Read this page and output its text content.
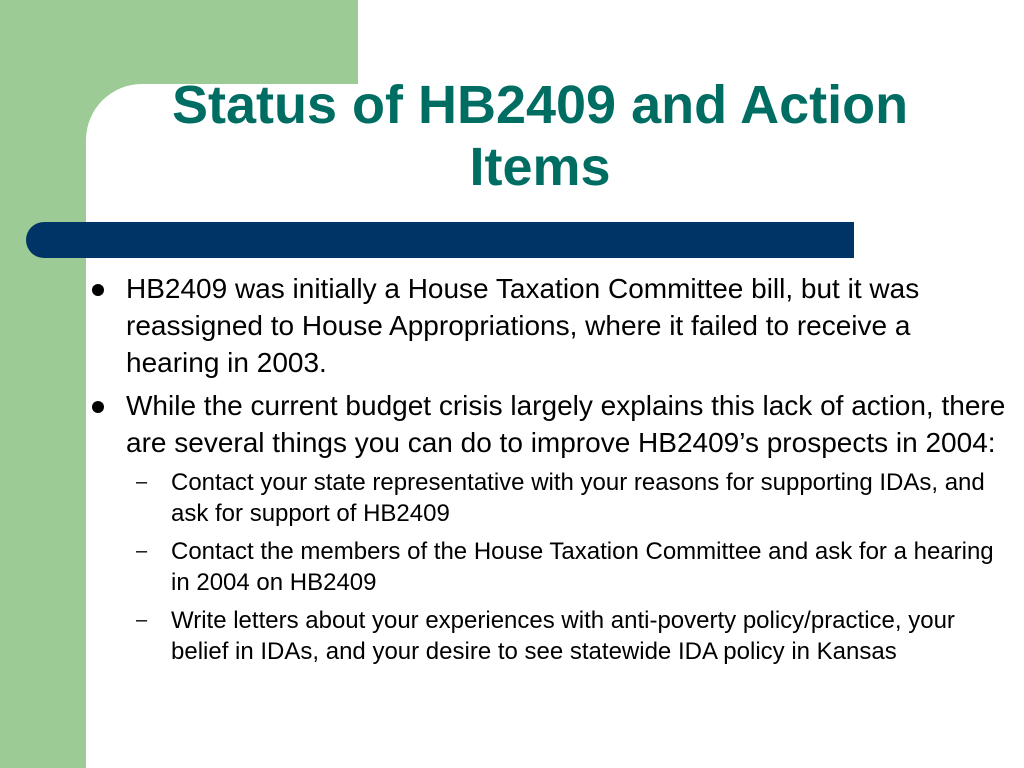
Status of HB2409 and Action
Items
HB2409 was initially a House Taxation Committee bill, but it was reassigned to House Appropriations, where it failed to receive a hearing in 2003.
While the current budget crisis largely explains this lack of action, there are several things you can do to improve HB2409’s prospects in 2004:
– Contact your state representative with your reasons for supporting IDAs, and ask for support of HB2409
– Contact the members of the House Taxation Committee and ask for a hearing in 2004 on HB2409
– Write letters about your experiences with anti-poverty policy/practice, your belief in IDAs, and your desire to see statewide IDA policy in Kansas
